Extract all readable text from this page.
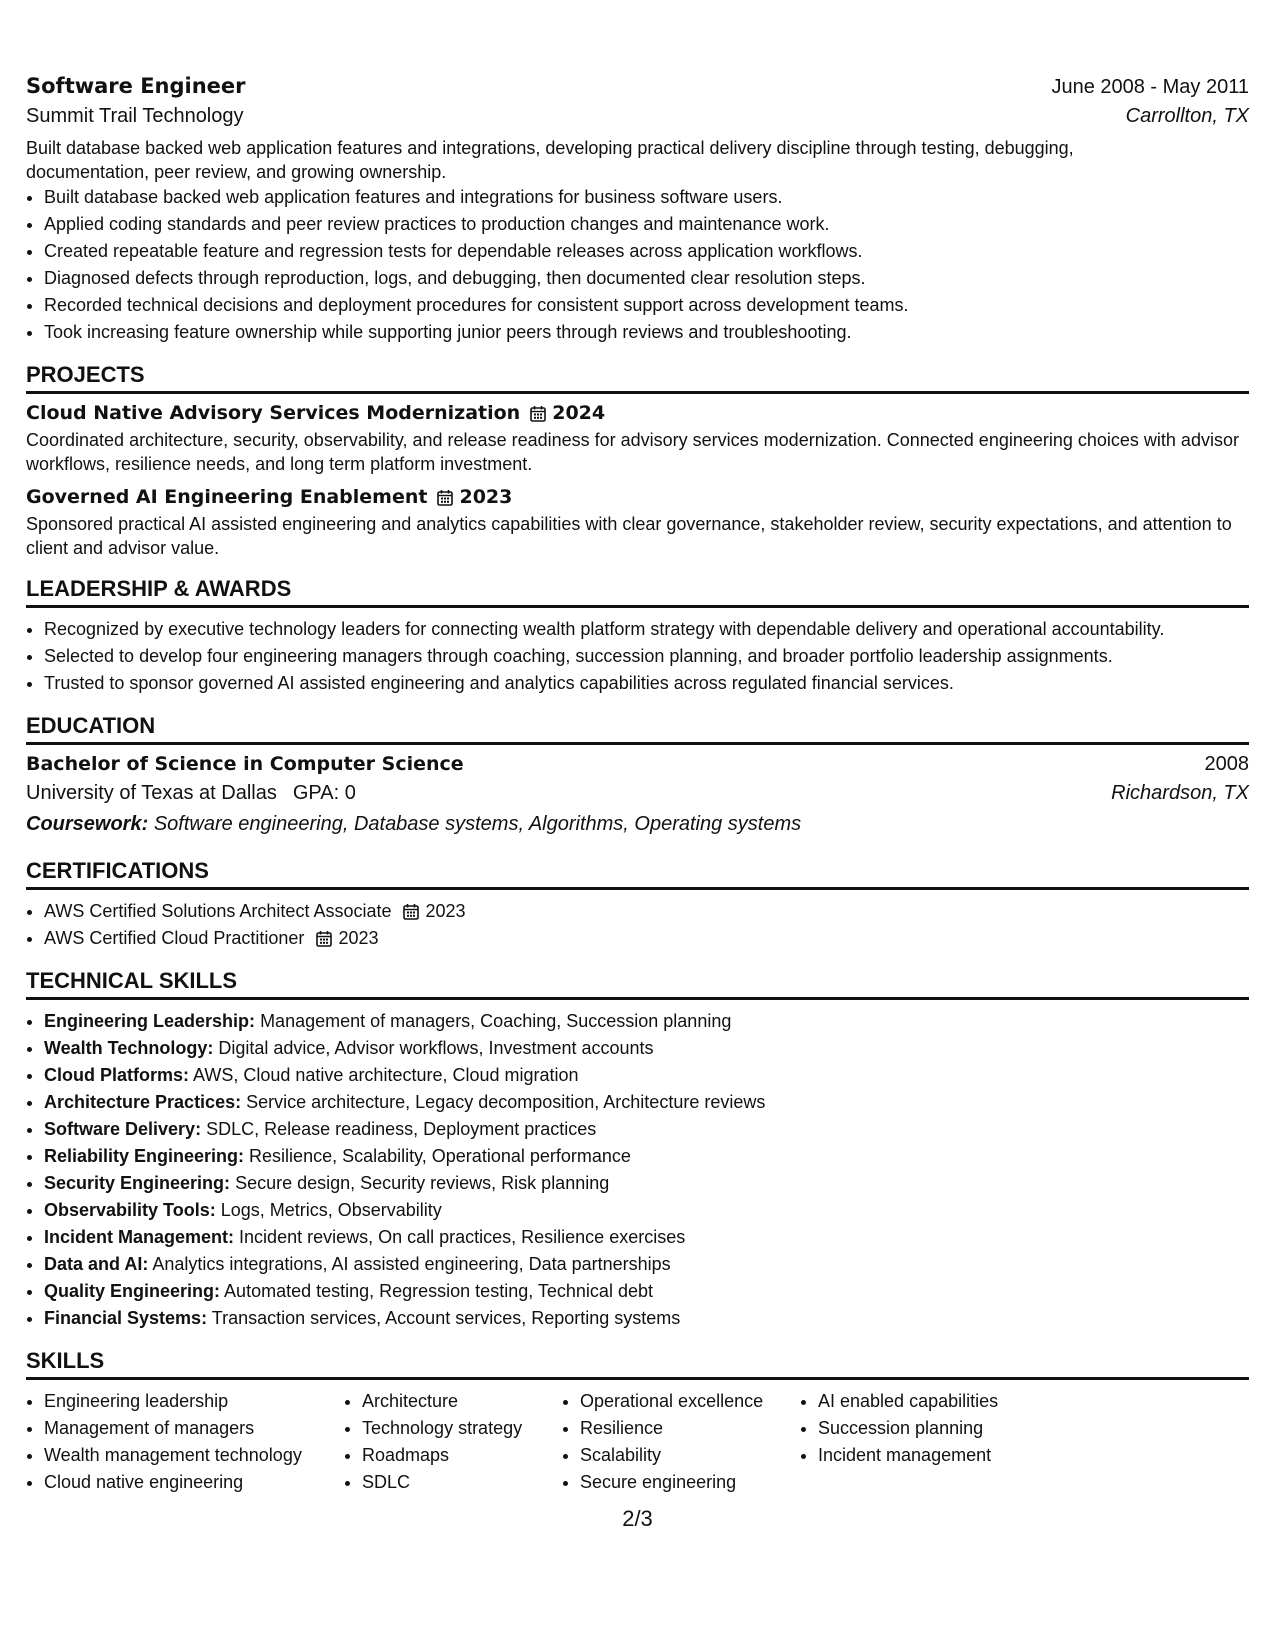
Software Engineer	June 2008 - May 2011
Summit Trail Technology	Carrollton, TX
Built database backed web application features and integrations, developing practical delivery discipline through testing, debugging, documentation, peer review, and growing ownership.
• Built database backed web application features and integrations for business software users.
• Applied coding standards and peer review practices to production changes and maintenance work.
• Created repeatable feature and regression tests for dependable releases across application workflows.
• Diagnosed defects through reproduction, logs, and debugging, then documented clear resolution steps.
• Recorded technical decisions and deployment procedures for consistent support across development teams.
• Took increasing feature ownership while supporting junior peers through reviews and troubleshooting.
PROJECTS
Cloud Native Advisory Services Modernization 2024
Coordinated architecture, security, observability, and release readiness for advisory services modernization. Connected engineering choices with advisor workflows, resilience needs, and long term platform investment.
Governed AI Engineering Enablement 2023
Sponsored practical AI assisted engineering and analytics capabilities with clear governance, stakeholder review, security expectations, and attention to client and advisor value.
LEADERSHIP & AWARDS
• Recognized by executive technology leaders for connecting wealth platform strategy with dependable delivery and operational accountability.
• Selected to develop four engineering managers through coaching, succession planning, and broader portfolio leadership assignments.
• Trusted to sponsor governed AI assisted engineering and analytics capabilities across regulated financial services.
EDUCATION
Bachelor of Science in Computer Science	2008
University of Texas at Dallas GPA: 0	Richardson, TX
Coursework: Software engineering, Database systems, Algorithms, Operating systems
CERTIFICATIONS
• AWS Certified Solutions Architect Associate 2023
• AWS Certified Cloud Practitioner 2023
TECHNICAL SKILLS
• Engineering Leadership: Management of managers, Coaching, Succession planning
• Wealth Technology: Digital advice, Advisor workflows, Investment accounts
• Cloud Platforms: AWS, Cloud native architecture, Cloud migration
• Architecture Practices: Service architecture, Legacy decomposition, Architecture reviews
• Software Delivery: SDLC, Release readiness, Deployment practices
• Reliability Engineering: Resilience, Scalability, Operational performance
• Security Engineering: Secure design, Security reviews, Risk planning
• Observability Tools: Logs, Metrics, Observability
• Incident Management: Incident reviews, On call practices, Resilience exercises
• Data and AI: Analytics integrations, AI assisted engineering, Data partnerships
• Quality Engineering: Automated testing, Regression testing, Technical debt
• Financial Systems: Transaction services, Account services, Reporting systems
SKILLS
• Engineering leadership
• Management of managers
• Wealth management technology
• Cloud native engineering
• Architecture
• Technology strategy
• Roadmaps
• SDLC
• Operational excellence
• Resilience
• Scalability
• Secure engineering
• AI enabled capabilities
• Succession planning
• Incident management
2/3
